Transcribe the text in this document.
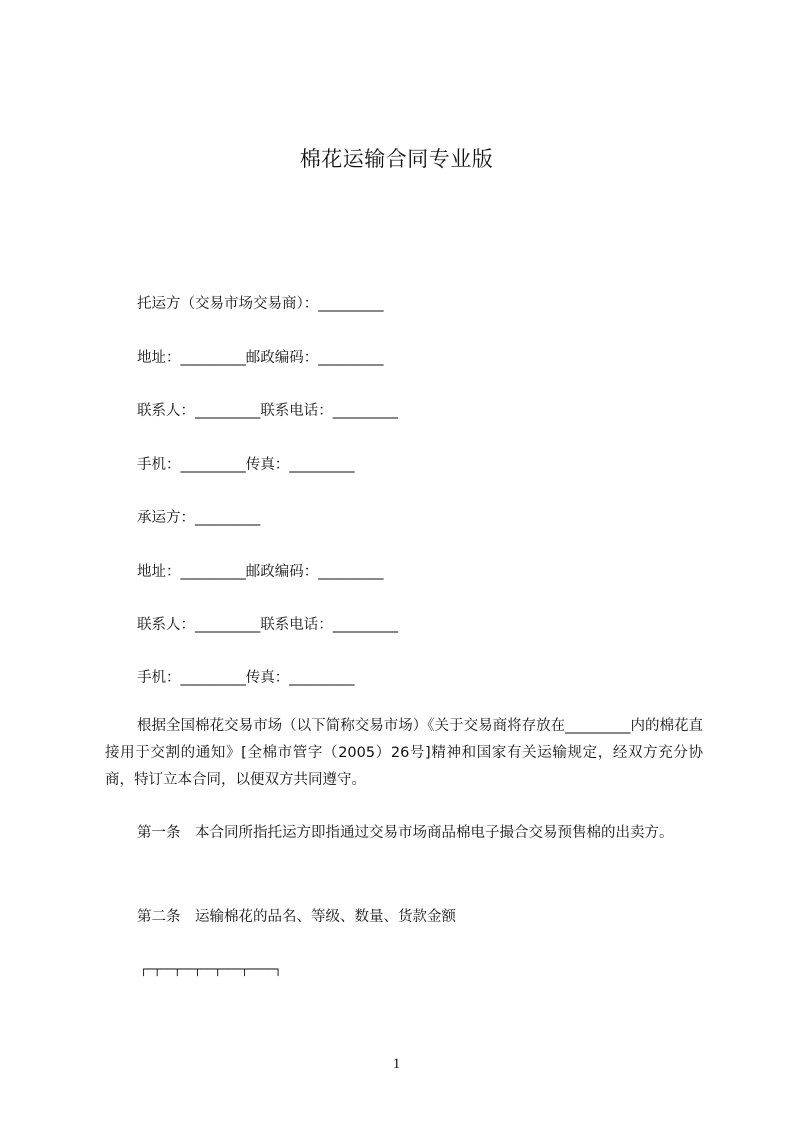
棉花运输合同专业版
托运方（交易市场交易商）：_________
地址：_________邮政编码：_________
联系人：_________联系电话：_________
手机：_________传真：_________
承运方：_________
地址：_________邮政编码：_________
联系人：_________联系电话：_________
手机：_________传真：_________
根据全国棉花交易市场（以下简称交易市场）《关于交易商将存放在_________内的棉花直接用于交割的通知》[全棉市管字（2005）26号]精神和国家有关运输规定，经双方充分协商，特订立本合同，以便双方共同遵守。
第一条　本合同所指托运方即指通过交易市场商品棉电子撮合交易预售棉的出卖方。
第二条　运输棉花的品名、等级、数量、货款金额
┌─┬──┬──┬──┬───┬────┐
1
